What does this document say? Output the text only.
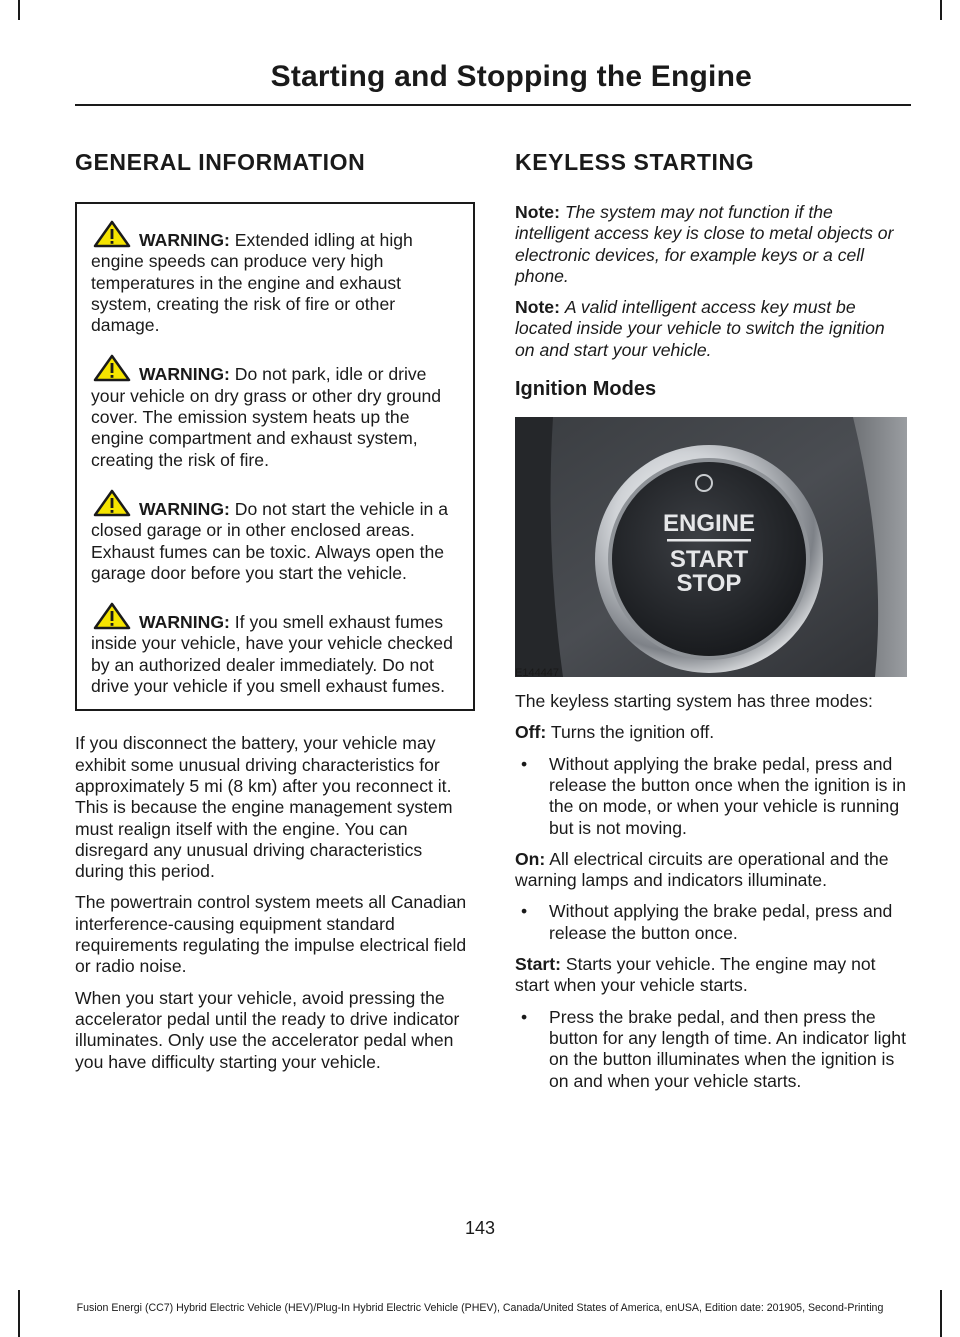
Starting and Stopping the Engine
GENERAL INFORMATION

WARNING: Extended idling at high engine speeds can produce very high temperatures in the engine and exhaust system, creating the risk of fire or other damage.

WARNING: Do not park, idle or drive your vehicle on dry grass or other dry ground cover. The emission system heats up the engine compartment and exhaust system, creating the risk of fire.

WARNING: Do not start the vehicle in a closed garage or in other enclosed areas. Exhaust fumes can be toxic. Always open the garage door before you start the vehicle.

WARNING: If you smell exhaust fumes inside your vehicle, have your vehicle checked by an authorized dealer immediately. Do not drive your vehicle if you smell exhaust fumes.

If you disconnect the battery, your vehicle may exhibit some unusual driving characteristics for approximately 5 mi (8 km) after you reconnect it. This is because the engine management system must realign itself with the engine. You can disregard any unusual driving characteristics during this period.

The powertrain control system meets all Canadian interference-causing equipment standard requirements regulating the impulse electrical field or radio noise.

When you start your vehicle, avoid pressing the accelerator pedal until the ready to drive indicator illuminates. Only use the accelerator pedal when you have difficulty starting your vehicle.

KEYLESS STARTING

Note: The system may not function if the intelligent access key is close to metal objects or electronic devices, for example keys or a cell phone.

Note: A valid intelligent access key must be located inside your vehicle to switch the ignition on and start your vehicle.

Ignition Modes
ENGINE
START
STOP
E144447

The keyless starting system has three modes:

Off: Turns the ignition off.

• Without applying the brake pedal, press and release the button once when the ignition is in the on mode, or when your vehicle is running but is not moving.

On: All electrical circuits are operational and the warning lamps and indicators illuminate.

• Without applying the brake pedal, press and release the button once.

Start: Starts your vehicle. The engine may not start when your vehicle starts.

• Press the brake pedal, and then press the button for any length of time. An indicator light on the button illuminates when the ignition is on and when your vehicle starts.
143
Fusion Energi (CC7) Hybrid Electric Vehicle (HEV)/Plug-In Hybrid Electric Vehicle (PHEV), Canada/United States of America, enUSA, Edition date: 201905, Second-Printing
